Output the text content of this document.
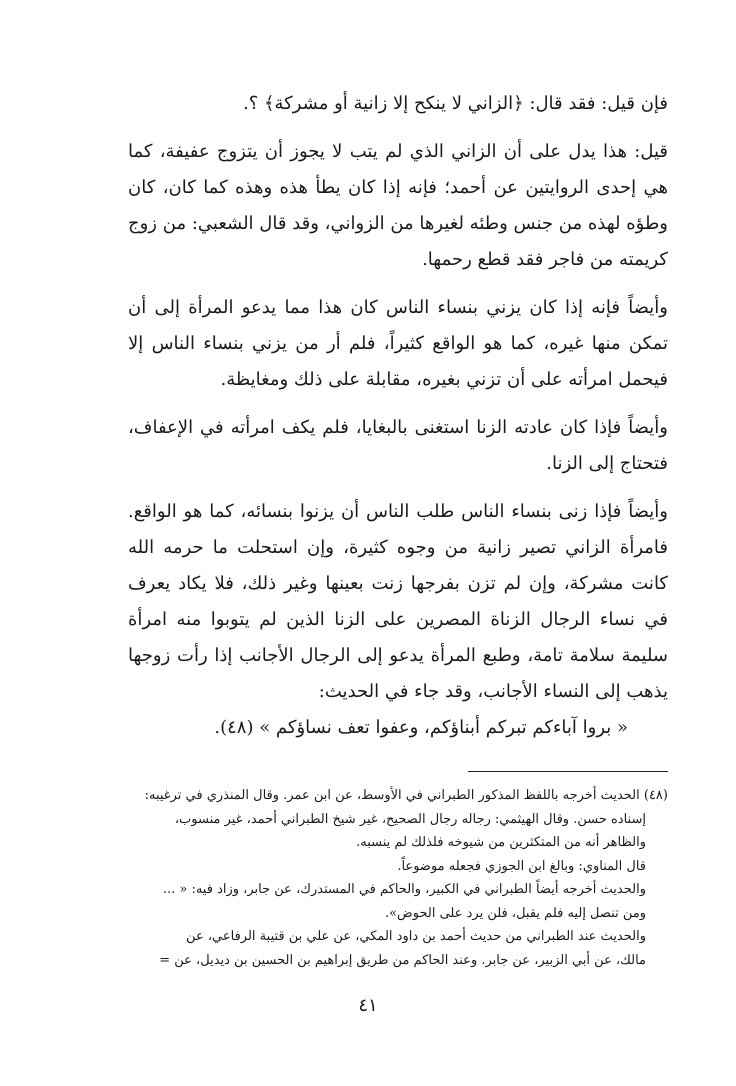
فإن قيل: فقد قال: ﴿الزاني لا ينكح إلا زانية أو مشركة﴾ ؟.

قيل: هذا يدل على أن الزاني الذي لم يتب لا يجوز أن يتزوج عفيفة، كما هي إحدى الروايتين عن أحمد؛ فإنه إذا كان يطأ هذه وهذه كما كان، كان وطؤه لهذه من جنس وطئه لغيرها من الزواني، وقد قال الشعبي: من زوج كريمته من فاجر فقد قطع رحمها.

وأيضاً فإنه إذا كان يزني بنساء الناس كان هذا مما يدعو المرأة إلى أن تمكن منها غيره، كما هو الواقع كثيراً، فلم أر من يزني بنساء الناس إلا فيحمل امرأته على أن تزني بغيره، مقابلة على ذلك ومغايظة.

وأيضاً فإذا كان عادته الزنا استغنى بالبغايا، فلم يكف امرأته في الإعفاف، فتحتاج إلى الزنا.

وأيضاً فإذا زنى بنساء الناس طلب الناس أن يزنوا بنسائه، كما هو الواقع. فامرأة الزاني تصير زانية من وجوه كثيرة، وإن استحلت ما حرمه الله كانت مشركة، وإن لم تزن بفرجها زنت بعينها وغير ذلك، فلا يكاد يعرف في نساء الرجال الزناة المصرين على الزنا الذين لم يتوبوا منه امرأة سليمة سلامة تامة، وطبع المرأة يدعو إلى الرجال الأجانب إذا رأت زوجها يذهب إلى النساء الأجانب، وقد جاء في الحديث:

« بروا آباءكم تبركم أبناؤكم، وعفوا تعف نساؤكم » (٤٨).

(٤٨) الحديث أخرجه باللفظ المذكور الطبراني في الأوسط، عن ابن عمر. وقال المنذري في ترغيبه:

إسناده حسن. وقال الهيثمي: رجاله رجال الصحيح، غير شيخ الطبراني أحمد، غير منسوب،

والظاهر أنه من المتكثرين من شيوخه فلذلك لم ينسبه.

قال المناوي: وبالغ ابن الجوزي فجعله موضوعاً.

والحديث أخرجه أيضاً الطبراني في الكبير، والحاكم في المستدرك، عن جابر، وزاد فيه: « ...

ومن تنصل إليه فلم يقبل، فلن يرد على الحوض».

والحديث عند الطبراني من حديث أحمد بن داود المكي، عن علي بن قتيبة الرفاعي، عن

مالك، عن أبي الزبير، عن جابر. وعند الحاكم من طريق إبراهيم بن الحسين بن ديديل، عن =

٤١
